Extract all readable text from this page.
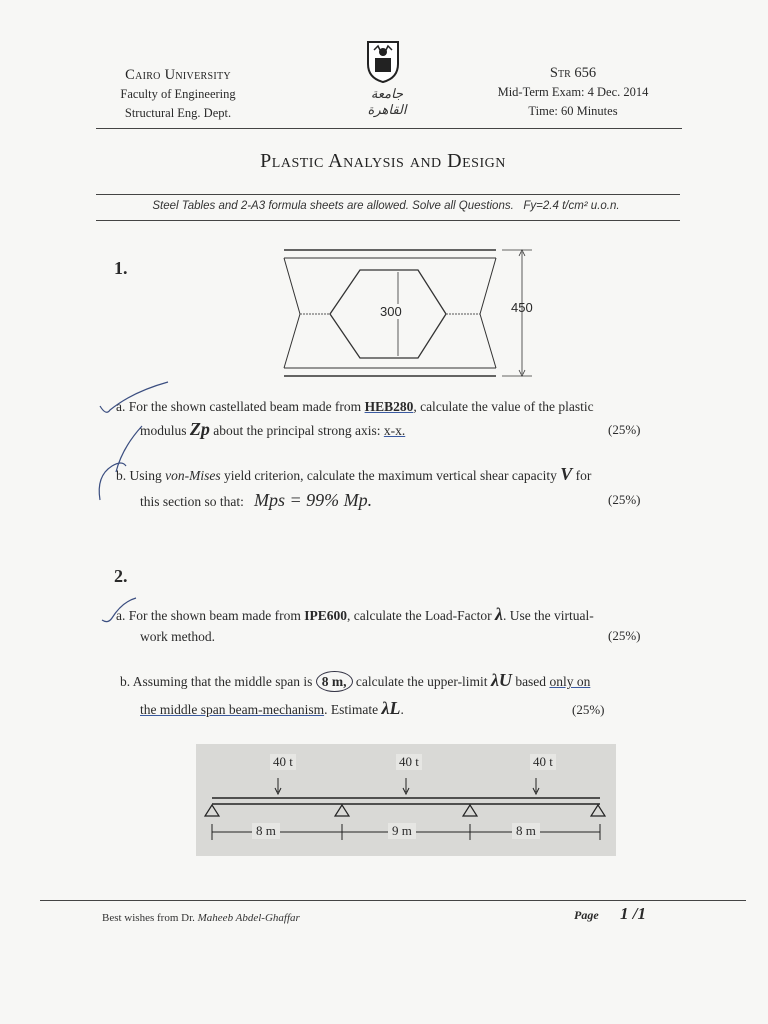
Cairo University
Faculty of Engineering
Structural Eng. Dept.
جامعة القاهرة
Str 656
Mid-Term Exam: 4 Dec. 2014
Time: 60 Minutes
Plastic Analysis and Design
Steel Tables and 2-A3 formula sheets are allowed. Solve all Questions. Fy=2.4 t/cm² u.o.n.
1.
300	450
a. For the shown castellated beam made from HEB280, calculate the value of the plastic
modulus Zp about the principal strong axis: x-x.	(25%)
b. Using von-Mises yield criterion, calculate the maximum vertical shear capacity V for
this section so that: Mps = 99% Mp.	(25%)
2.
a. For the shown beam made from IPE600, calculate the Load-Factor λ. Use the virtual-
work method.	(25%)
b. Assuming that the middle span is 8 m, calculate the upper-limit λU based only on
the middle span beam-mechanism. Estimate λL.	(25%)
40 t	40 t	40 t
8 m	9 m	8 m
Best wishes from Dr. Maheeb Abdel-Ghaffar	Page 1 /1
